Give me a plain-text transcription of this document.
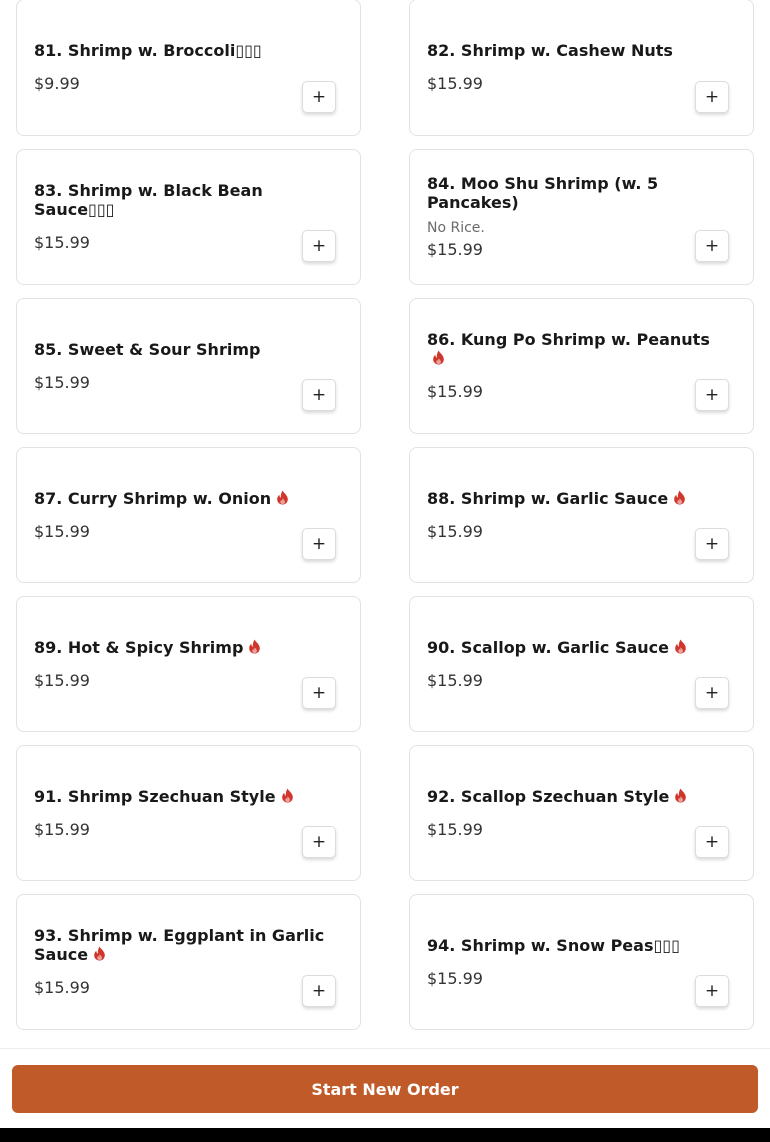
81. Shrimp w. Broccoli▯▯▯
$9.99
+
82. Shrimp w. Cashew Nuts
$15.99
+
83. Shrimp w. Black Bean Sauce▯▯▯
$15.99	+
84. Moo Shu Shrimp (w. 5 Pancakes)
No Rice.
$15.99	+
85. Sweet & Sour Shrimp
$15.99
+
86. Kung Po Shrimp w. Peanuts
$15.99	+
87. Curry Shrimp w. Onion
$15.99
+
88. Shrimp w. Garlic Sauce
$15.99
+
89. Hot & Spicy Shrimp
$15.99
+
90. Scallop w. Garlic Sauce
$15.99
+
91. Shrimp Szechuan Style
$15.99
+
92. Scallop Szechuan Style
$15.99
+
93. Shrimp w. Eggplant in Garlic Sauce
$15.99	+
94. Shrimp w. Snow Peas▯▯▯
$15.99
+
Start New Order
